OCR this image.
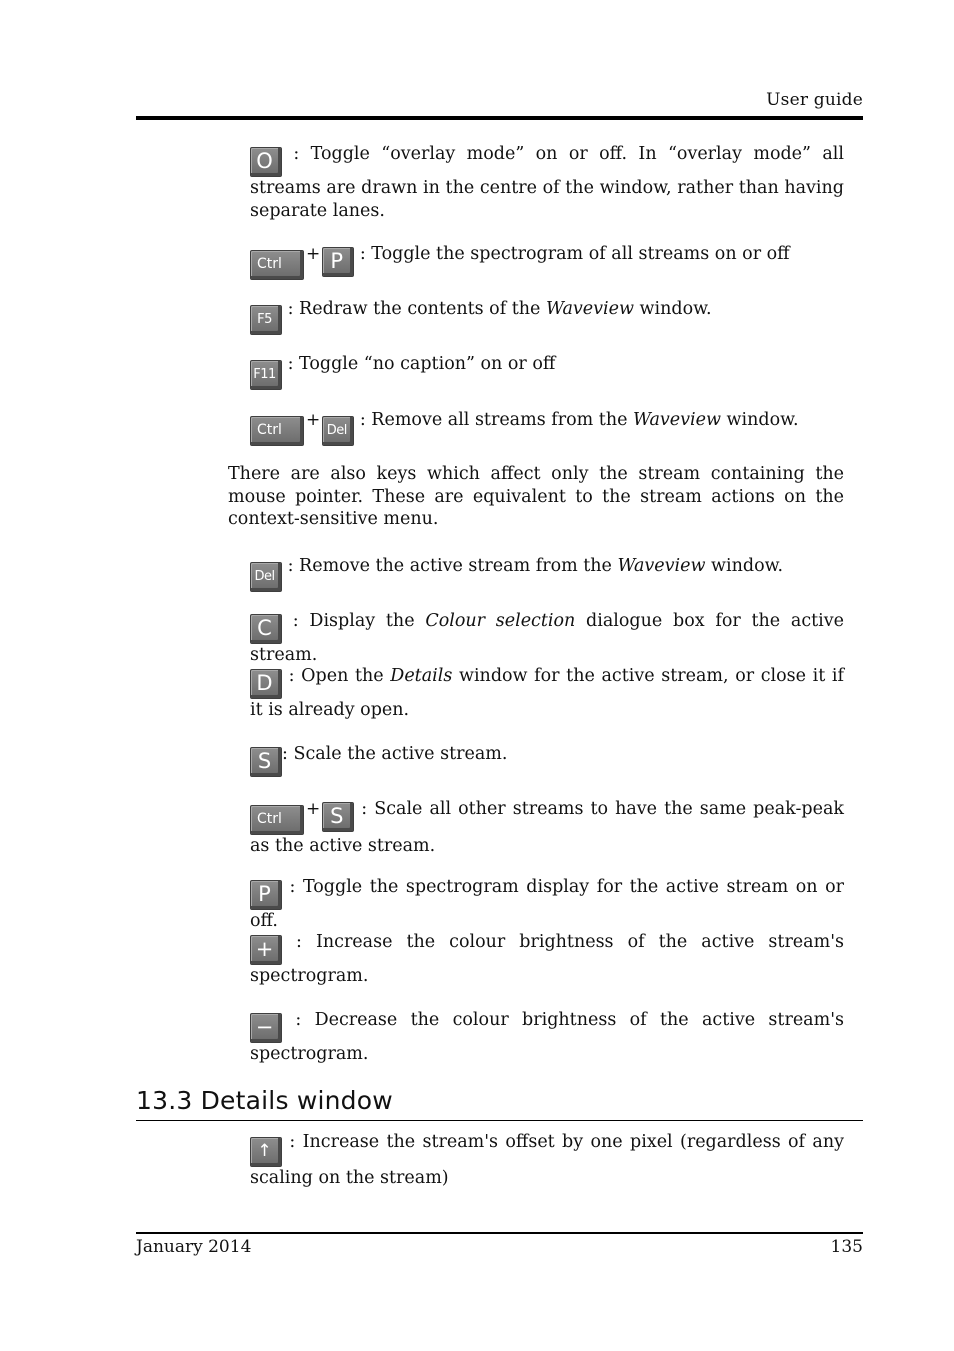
User guide

O : Toggle “overlay mode” on or off. In “overlay mode” all streams are drawn in the centre of the window, rather than having separate lanes.

Ctrl + P : Toggle the spectrogram of all streams on or off

F5 : Redraw the contents of the Waveview window.

F11 : Toggle “no caption” on or off

Ctrl +Del : Remove all streams from the Waveview window.

There are also keys which affect only the stream containing the mouse pointer. These are equivalent to the stream actions on the context-sensitive menu.

Del : Remove the active stream from the Waveview window.

C : Display the Colour selection dialogue box for the active stream.

D : Open the Details window for the active stream, or close it if it is already open.

S : Scale the active stream.

Ctrl + S : Scale all other streams to have the same peak-peak as the active stream.

P : Toggle the spectrogram display for the active stream on or off.

+ : Increase the colour brightness of the active stream's spectrogram.

− : Decrease the colour brightness of the active stream's spectrogram.

13.3 Details window

↑ : Increase the stream's offset by one pixel (regardless of any scaling on the stream)

January 2014	135
